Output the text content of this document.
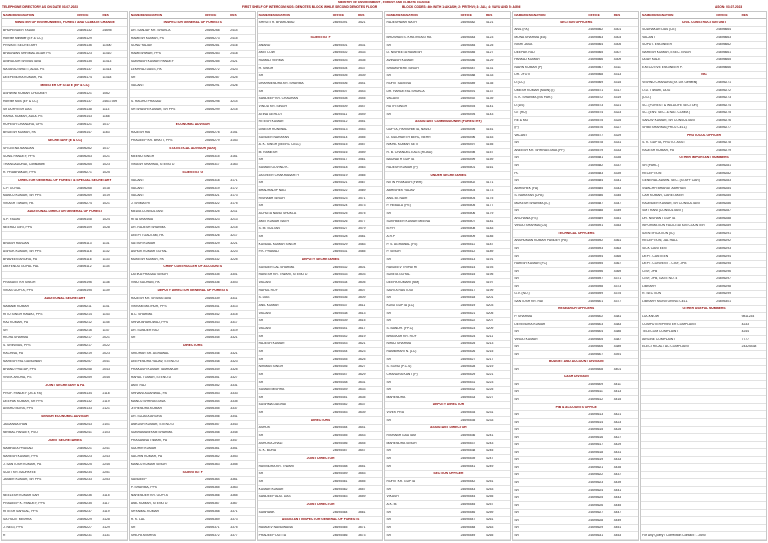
MINISTRY OF ENVIRONMENT , FOREST AND CLIMATE CHANGE
TELEPHONE DIRECTORY AS ON DATE 03.07.2023	FIRST SHELF OF INTERCOM NOS: DENOTES BLOCK WHILE SECOND DENOTES FLOOR	BLOCK CODES: 4th WITH 1:AKASH; 2: PRITHVI; 3: JAL; 4: VAYU AND 5: AGNI	ASON: 03.07.2023
NAME/DESIGNATION	OFFICE	RES
MINISTER OF ENVIRONMENT, FOREST AND CLIMATE CHANGE
BHUPENDER YADAV	24695132	24695
Hon'ble Minister (EF & CC)	24695129
PRIVATE SECRETARY	24695136	11400
BHAGWAN SHRIMAL AGAR PS	24695123	11410
ANIRUDDH SRIVASTAVA	24695135	11413
NATARAJ BHATT, ADDL PS	24695137	11414
DEEPENDRA KUMAR, PA	24695174	11418
MINISTER OF STATE (EF & CC)
ASHWINI KUMAR CHOUBEY	24695121	1062
Hon'ble MoS (EF & CC)	24695137	24617399
Sh DURYESH DAS	24695138	1113
RAHUL KUMAR, ADDL PS	24695143	1168
RUPESH CHANDRA, OPS	24695121	1017
BRIJESH KUMAR, PA	24695147	1163
SECRETARY (E & CC)
SH LEENA NANDAN	24695262	1017
SUNIL PANDEY, PPS	24695263	1021
THANGADURAI, Consultant	24695265	1023
R. PRABHAKAR, PPS	24695271	1025
DIRECTOR GENERAL OF FOREST & SPECIAL SECRETARY
C.P. GOYAL	24695268	1018
MANOJ KUMAR, SR PPS	24695269	1019
VIKASH TIWARI, PA	24695274	1021
ADDITIONAL DIRECTOR GENERAL OF FOREST
S.P. YADAV	24695108	1024
NEERAJ GIRI, PPS	24695109	1028
BIVASH RANJAN	24695113	1131
ASHOK KUMAR, SR PPS	24695118	1132
BHAVEEN ARORA, PA	24695116	1133
DIBYENDU GOPAL PAL	24695112	1134
PRASANT KR SINGH	24695196	1138
VIKAS GUPTA, PPS	24695195	1139
ADDITIONAL SECRETARY
NAMAMI KUMAR	24695211	1141
RITU SINGH RAWAT, PPS	24695214	1143
RAJ KUMAR, PA	24695212	1145
SR	24695216	1147
RICHA SHARMA	24695217	2021
S. SRINIVAS, PPS	24695217	2022
RACHNA, PA	24695219	2023
NARESH PAL GANGWAR	24695257	2041
BHANU PRATAP, PPS	24695258	2043
VIVEK ARORA, PS	24695259	2045
JOINT SECRETARY & FA
PROF. PANDEY (JS & FA)	24695134	2118
DEEPAK KUMAR, SR PPS	24695132	2119
ANSHU BORA, PPS	24695133	2121
SENIOR ECONOMIC ADVISOR
JAGANNATHAN	24695243	2101
NIRMAL PANDEY, PSO	24695241	2103
JOINT SECRETARIES
NAMRATA PRASAD	24695221	2241
NARESH KUMAR, PPS	24695223	2243
J. SANTOSH KUMAR, PA	24695225	2245
SUJIT KR. BAJPAYEE	24695234	2251
JASBIR KUMAR, SR PPS	24695233	2253
NEELESH KUMAR SAH	24695236	3115
PRADEEP K. PANDEY, PPS	24695235	3117
RITESH SAHGAL, PPS	24695237	3119
SATYAJIT MISHRA	24695229	3128
J. NEGI, PPS	24695227	3129
R	24695231	3131
NAME/DESIGNATION	OFFICE	RES
INSPECTOR GENERAL OF FORESTS
DR. SANJAY KR. SHUKLA	24695268	2414
RAMESH KUMAR, PS	24695273	2415
SONU YADAV	24695281	2416
RAMESHWAR, PPS	24695283	2418
SUBHASH KUMAR PANDEY	24695285	2421
LEKHRAJ DASS, PA	24695272	2423
SR	24695287	2425
VACANT	24695291	2426
S. RAGHU PRASAD	24695298	3214
SH SHASHI KUMAR, SR PPS	24695299	3215
ECONOMIC ADVISOR
RAJESH RAI	24695278	3151
PRADEEP KR. BHATT, PPS	24695279	3153
STATISTICAL ADVISOR (SDG)
MEENU SINGH	24695315	3161
VIKASH SHARMA, STENO D	24695317	3163
SCIENTIST G
VACANT	24695318	3171
VACANT	24695319	3172
VACANT	24695321	3173
J. SRIMATHI	24695322	3175
MEDIA CONSULTANT	24695325	3211
RITA SHARMA	24695323	3213
DR. RAJESH SHARMA	24695324	3215
DEEPTI GAUTAM, PA	24695326	3217
SATISH KUMAR	24695329	3221
ASHOK KUMAR GOYAL	24695331	3223
MUKESH KUMAR, PA	24695332	3225
CHIEF CONTROLLER OF ACCOUNTS
LATIKA PRASAD SINGH	24695335	3301
VINU SUDHAN, PA	24695336	3303
DEPUTY DIRECTOR GENERAL OF FORESTS
RAJESH KR. SRIVASTAVA	24695339	3311
VIKRAM MATHUR, PPS	24695341	3313
B.C. SHARMA	24695342	3315
SHIVA BHARDWAJ, PPS	24695343	3317
DR. SUNDER RAJ	24695344	3319
SR	24695345	3321
DIRECTORS
SRIDHAR SR. AGRAWAL	24695346	3321
DEEPENDRA YADAV, STENO D	24695348	3323
PRAKASH KUMAR TAMRAKAR	24695349	3325
RAHUL TOMAR, STENO D	24695351	3327
AMIT RAJ	24695352	3331
SHIVANI AGARWAL, PA	24695353	3333
MANOJ SHRIVASTAVA	24695354	3335
JITHENDRA KUMAR	24695355	3337
DR. SUJATA ARORA	24695356	3341
ANKUSH KUMAR, STENO D	24695357	3343
SUBRAMANIYAM SHARMA	24695358	3345
PRASANNA TIWARI, PA	24695359	3347
SUDHIR KUMAR	24695361	3351
SACHIN KUMAR, PA	24695362	3353
MANOJ KUMAR SINGH	24695363	3355
SCIENTIST F
SANDEEP	24695364	3361
P. SHARMA, PPS	24695365	3363
NARENDER KR. GUPTA	24695366	3365
ANIL KUMAR, STENO D	24695367	3367
SHYAMAL KUMAR	24695368	3371
R. K. LAL	24695369	3373
SR	24695371	3375
SHILPA MISHRA	24695372	3377
NAME/DESIGNATION	OFFICE	RES
SHRUTI R. BHARDWAJ	24695391	3521
SCIENTIST F
ANAND	24695401	3531
AMIT LOW	24695402	3533
RUMALI VERMA	24695403	3535
H. SINGH	24695404	3537
SR	24695405	3539
DHARMENDRA KR. SHARMA	24695406	3541
SR	24695407	3543
SANDEEP KR. CHAUHAN	24695408	3545
VINOD KR. SINGH	24695409	3547
ATINA GEHLOT	24695411	3549
RITESH KUMAR	24695412	3551
DINESH RUNIWAL	24695413	3553
SUNDER NARAYAN	24695414	3555
A. K. SINGH (IIEERC CELL)	24695415	3557
M. RAMESH	24695416	3559
SR	24695417	3561
SUMAN GOVIND K.	24695418	3563
JASVEER CHAKRABARTY	24695419	3565
SR	24695421	3567
BHADRADIP NAG	24695422	3569
RISHABH SINGH	24695423	3571
SR	24695424	3573
ACHUTA NAND SHUKLA	24695425	3575
AMIT KUMAR NATH	24695426	3577
S. M. SULTAN	24695427	3579
SR	24695428	3581
KUNDAL KUMAR SINGH	24695429	3583
P.K. PRAMAJ	24695431	3585
DEPUTY SECRETARIES
SUNDER LAL SHARMA	24695432	3601
RAKESH KR. TIWARI, STENO D	24695433	3603
VACANT	24695434	3605
RAHUL ROY	24695435	3607
S. DAS	24695436	3609
ANIL KUMAR	24695437	3611
VACANT	24695438	3613
SR	24695439	3615
VACANT	24695441	3617
SR	24695442	3619
RAJESH KUMAR	24695443	3621
SR	24695444	3623
SR	24695445	3625
NIRMAN SINGH	24695446	3627
SR	24695447	3629
SR	24695448	3631
SUMAN MISHRA	24695449	3633
SR	24695451	3635
SUSHMA DAGRAI	24695452	3637
SR	24695453	3639
DIRECTORS
ASHOK	24695454	3641
SR	24695455	3643
ASHOKA ZHALI	24695456	3645
S. K. BORA	24695457	3647
JOINT DIRECTOR
RAVINDRA KR. TIWARI	24695458	3651
SR	24695459	3653
SR	24695461	3655
KUMAR KUMAR	24695462	3657
SANDEEP ADD. DAS	24695463	3659
JOINT DIRECTOR
SUBHANK	24695464	3661
ASSISTANT INSPECTOR GENERAL OF FORESTS
RAMDEV NANDWANA	24695465	3671
PRADEEP DUTTA	24695466	3673
NAME/DESIGNATION	OFFICE	RES
RAJESHWAR NATH	24695482	4121
BHUSHAN S. KHATRI/ASTRA	24695483	4123
SR	24695484	4125
D. NISHEETA RAMESH	24695485	4127
AVINASH KUMAR	24695486	4129
SHAMSHERE SINGH	24695487	4131
SR	24695488	4133
ROHIT SAXENA	24695489	4135
DR. HARDEYAL SHUKLA	24695491	4137
VACANT	24695492	4139
RUTH SINGH	24695493	4141
SR	24695494	4143
ASSISTANT COMMISSIONER (FORESTRY)
GUPTA, PARISHMITA, NAVID	24695495	4151
D. SIDDHARTH BEHL, NEHR	24695496	4153
NIKHIL KUMAR SETI	24695497	4155
R. B. CHANDEL EALS (ROAD)	24695498	4157
BAIJNATH GUPTA	24695499	4159
RAJESH KUMAR (P)	24695501	4161
UNDER SECRETARIES
NITIN PRAKASH (FWR)	24695502	4171
ABHISHEK YADAV	24695503	4173
ANIL BI. NAIR	24695504	4175
P. HEBALU (PE)	24695505	4177
SR	24695506	4179
SUKHBEER KUMAR MEENA	24695507	4181
B.P.H	24695508	4183
A.R.P	24695509	4185
P. S. AGRAWAL (FS)	24695511	4187
P. SINGH	24695512	4189
SR	24695513	4191
RANJEEV TRIPATHI	24695514	4193
SUNITA GOYAL	24695515	4195
DEEPA KUMARI (NM)	24695516	4197
SAVITA RASTOGI	24695517	4199
SR	24695518	4201
KUNJ GUPTA (LC)	24695519	4203
SR	24695521	4205
SR	24695522	4207
S. BANDH. (FP.C)	24695523	4209
BHASKAR KR. ROY	24695524	4211
NIRAJ SHARMA	24695525	4213
RAMBIHARI N. (LC)	24695526	4215
SR	24695527	4217
S. SONU (P.C.S)	24695528	4219
CHANDRA KANT (P)	24695529	4221
SR	24695531	4223
SR	24695532	4225
MAHENDRA	24695533	4227
DEPUTY DIRECTOR
VIVEK PRA	24695534	4231
SR	24695535	4233
ASSISTANT DIRECTOR
RISHABH GAUTAM	24695536	4241
MAHENDRA SINGH	24695537	4243
SR	24695538	4245
SR	24695539	4247
SR	24695541	4249
SECTION OFFICER
ROHIT KR. GUPTA	24695542	4251
SR	24695543	4253
VIKASH	24695544	4255
A.K. M.	24695545	4257
SR	24695546	4259
SR	24695547	4261
SR	24695548	4263
SR	24695549	4265
NAME/DESIGNATION	OFFICE	RES
SECTION OFFICERS
ANIL (FA)	24695562	4301
MONA SHARMA (EA)	24695563	4303
NISHI JASA	24695564	4305
DEEPAK RAJ	24695565	4307
PANKAJ KUMAR	24695566	4309
NAVIN KUMAR (P)	24695567	4311
DR. JYOTI	24695568	4313
D (CC)	24695569	4315
UMESH KUMAR (MAIN) (I)	24695571	4317
S. K. SHARMA (NS PAR.)	24695572	4319
D (DS)	24695573	4321
GT (RU)	24695574	4323
RE & MO	24695575	4325
(P)	24695576	4327
VACANT	24695577	4329
SR	24695578	4331
ANEESH KR. SHRIVASTAVA (PF)	24695579	4333
SR	24695581	4335
SR	24695582	4337
PL	24695583	4339
SR	24695584	4341
ABHISHEK (FA)	24695585	4343
S. NARAYAN (CPA)	24695586	4345
MUKESH SHARMA (IC)	24695587	4347
SR	24695588	4349
ARCHANA (FS)	24695589	4351
VINOD SHARMA (CS)	24695591	4353
TECHNICAL OFFICERS
ANSHUMAN KUMAR PANDEY (PA)	24695592	4361
SR	24695593	4363
SR	24695594	4365
HARISH KUMAR (FC)	24695595	4367
SR	24695596	4369
SR	24695597	4371
SR	24695598	4373
G.V. (NO.)	24695599	4375
SANTOSH KR. RAI	24695601	4377
RESEARCH OFFICERS
P. SHARMA	24695602	4381
DEVENDRA KUMAR	24695603	4383
SR	24695604	4385
VINOD KUMAR	24695605	4387
SR	24695606	4389
SR	24695607	4391
BUDGET AND ACCOUNT DIVISION
SR	24695608	4401
CASH DIVISION
SR	24695609	4411
SR	24695611	4413
SR	24695612	4415
PIB & ACCOUNTS OFFICE
SR	24695613	4421
SR	24695614	4423
SR	24695615	4425
SR	24695616	4427
SR	24695617	4429
SR	24695618	4431
SR	24695619	4433
SR	24695621	4435
SR	24695622	4437
SR	24695623	4439
SR	24695624	4441
SR	24695625	4443
SR	24695626	4445
SR	24695627	4447
SR	24695628	4449
SR	24695629	4451
SR	24695631	4453
NAME/DESIGNATION	OFFICE	RES
CIVIL CONSTRUCTION UNIT
SUDHAKAR DAS (CE)	24695664
VACANT	24695663
SUPDT. ENGINEER	24695662
NARESH KUMAR, EXEC. ENGR	24695661
UDAY KALE	24695665
EXECUTIVE ENGINEER P.	24695666
NIC
VISHNU CHANDRA (Sr. Dir. General)	24695271
O.D. TIWARI, DDG	24695272
(D.D.)	24695273
SC. (FOREST & WILDLIFE SECTOR)	24695274
SC. (ENV. SEC. & NAT. COMM.)	24695275
SANJIV KUMAR, SR CONSULTANT	24695276
SHIBI SHARMA (PROJ CELL)	24695277
PROTOCOL OFFICER
S. K. GUPTA, PROTO. ASST	24695278
RAJESH KUMAR, PA	24695279
OTHER IMPORTANT NUMBERS
SR (PARL.)	24695281
RECEPTION	24695282
GENERAL ADMIN. SEC. (STAFF CAR)	24695283
SWACHH BHARAT ABHIYAN	24695284
CAR KUMAR, CARETAKER	24695285
RAJINDER KUMAR, SR CONSULTANT	24695286
SMT RANI (CONSULTANT)	24695287
DR. NISHANT GUPTA	24695288
INFORMATION FACILITATION COUNTER	24695289
IDENTIFICATION (IC)	24695291
RECEPTION, JAL HALL	24695292
SICK CANTEEN	24695293
DEPT. CANTEEN	24695294
DEPT. CONVENT - CISF, JPB	24695295
CISF, JPB	24695296
CISF, JPB, GATE NO. 4	24695297
LIBRARY	24695298
R. SECTION	24695299
LIBRARY MONITORING CELL	24695301
OTHER USEFUL NUMBERS
LUCKNOW	9811234
COMPUTER/PRINTER COMPLAINT	4233
TELECOM COMPLAINT	4244
AIRLINE COMPLAINT	7777
ELECTRICAL / AC COMPLAINT	24325438
For Any Query / Correction Contact : - 2690
